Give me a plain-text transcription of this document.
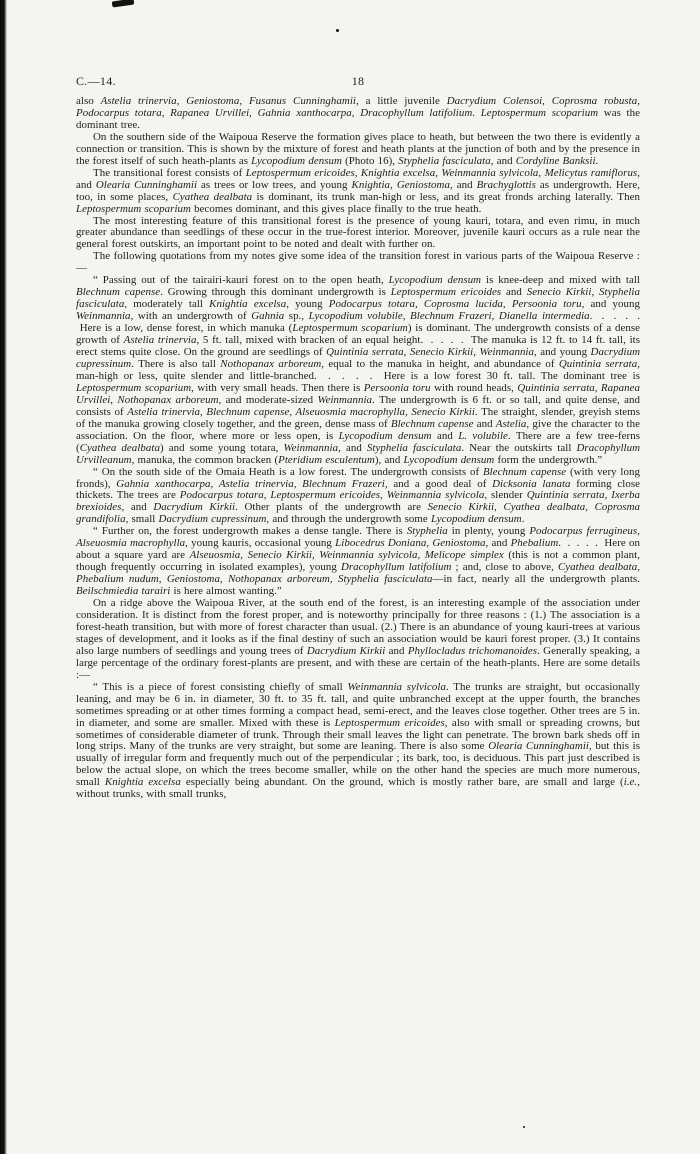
C.—14.	18

also Astelia trinervia, Geniostoma, Fusanus Cunninghamii, a little juvenile Dacrydium Colensoi, Coprosma robusta, Podocarpus totara, Rapanea Urvillei, Gahnia xanthocarpa, Dracophyllum latifolium. Leptospermum scoparium was the dominant tree.

On the southern side of the Waipoua Reserve the formation gives place to heath, but between the two there is evidently a connection or transition. This is shown by the mixture of forest and heath plants at the junction of both and by the presence in the forest itself of such heath-plants as Lycopodium densum (Photo 16), Styphelia fasciculata, and Cordyline Banksii.

The transitional forest consists of Leptospermum ericoides, Knightia excelsa, Weinmannia sylvicola, Melicytus ramiflorus, and Olearia Cunninghamii as trees or low trees, and young Knightia, Geniostoma, and Brachyglottis as undergrowth. Here, too, in some places, Cyathea dealbata is dominant, its trunk man-high or less, and its great fronds arching laterally. Then Leptospermum scoparium becomes dominant, and this gives place finally to the true heath.

The most interesting feature of this transitional forest is the presence of young kauri, totara, and even rimu, in much greater abundance than seedlings of these occur in the true-forest interior. Moreover, juvenile kauri occurs as a rule near the general forest outskirts, an important point to be noted and dealt with further on.

The following quotations from my notes give some idea of the transition forest in various parts of the Waipoua Reserve :—

“ Passing out of the tairairi-kauri forest on to the open heath, Lycopodium densum is knee-deep and mixed with tall Blechnum capense. Growing through this dominant undergrowth is Leptospermum ericoides and Senecio Kirkii, Styphelia fasciculata, moderately tall Knightia excelsa, young Podocarpus totara, Coprosma lucida, Persoonia toru, and young Weinmannia, with an undergrowth of Gahnia sp., Lycopodium volubile, Blechnum Frazeri, Dianella intermedia.  .  .  .  .  Here is a low, dense forest, in which manuka (Leptospermum scoparium) is dominant. The undergrowth consists of a dense growth of Astelia trinervia, 5 ft. tall, mixed with bracken of an equal height.  .  .  .  .  The manuka is 12 ft. to 14 ft. tall, its erect stems quite close. On the ground are seedlings of Quintinia serrata, Senecio Kirkii, Weinmannia, and young Dacrydium cupressinum. There is also tall Nothopanax arboreum, equal to the manuka in height, and abundance of Quintinia serrata, man-high or less, quite slender and little-branched.  .  .  .  .  Here is a low forest 30 ft. tall. The dominant tree is Leptospermum scoparium, with very small heads. Then there is Persoonia toru with round heads, Quintinia serrata, Rapanea Urvillei, Nothopanax arboreum, and moderate-sized Weinmannia. The undergrowth is 6 ft. or so tall, and quite dense, and consists of Astelia trinervia, Blechnum capense, Alseuosmia macrophylla, Senecio Kirkii. The straight, slender, greyish stems of the manuka growing closely together, and the green, dense mass of Blechnum capense and Astelia, give the character to the association. On the floor, where more or less open, is Lycopodium densum and L. volubile. There are a few tree-ferns (Cyathea dealbata) and some young totara, Weinmannia, and Styphelia fasciculata. Near the outskirts tall Dracophyllum Urvilleanum, manuka, the common bracken (Pteridium esculentum), and Lycopodium densum form the undergrowth.”

“ On the south side of the Omaia Heath is a low forest. The undergrowth consists of Blechnum capense (with very long fronds), Gahnia xanthocarpa, Astelia trinervia, Blechnum Frazeri, and a good deal of Dicksonia lanata forming close thickets. The trees are Podocarpus totara, Leptospermum ericoides, Weinmannia sylvicola, slender Quintinia serrata, Ixerba brexioides, and Dacrydium Kirkii. Other plants of the undergrowth are Senecio Kirkii, Cyathea dealbata, Coprosma grandifolia, small Dacrydium cupressinum, and through the undergrowth some Lycopodium densum.

“ Further on, the forest undergrowth makes a dense tangle. There is Styphelia in plenty, young Podocarpus ferrugineus, Alseuosmia macrophylla, young kauris, occasional young Libocedrus Doniana, Geniostoma, and Phebalium.  .  .  .  .  Here on about a square yard are Alseuosmia, Senecio Kirkii, Weinmannia sylvicola, Melicope simplex (this is not a common plant, though frequently occurring in isolated examples), young Dracophyllum latifolium ; and, close to above, Cyathea dealbata, Phebalium nudum, Geniostoma, Nothopanax arboreum, Styphelia fasciculata—in fact, nearly all the undergrowth plants. Beilschmiedia tarairi is here almost wanting.”

On a ridge above the Waipoua River, at the south end of the forest, is an interesting example of the association under consideration. It is distinct from the forest proper, and is noteworthy principally for three reasons : (1.) The association is a forest-heath transition, but with more of forest character than usual. (2.) There is an abundance of young kauri-trees at various stages of development, and it looks as if the final destiny of such an association would be kauri forest proper. (3.) It contains also large numbers of seedlings and young trees of Dacrydium Kirkii and Phyllocladus trichomanoides. Generally speaking, a large percentage of the ordinary forest-plants are present, and with these are certain of the heath-plants. Here are some details :—

“ This is a piece of forest consisting chiefly of small Weinmannia sylvicola. The trunks are straight, but occasionally leaning, and may be 6 in. in diameter, 30 ft. to 35 ft. tall, and quite unbranched except at the upper fourth, the branches sometimes spreading or at other times forming a compact head, semi-erect, and the leaves close together. Other trees are 5 in. in diameter, and some are smaller. Mixed with these is Leptospermum ericoides, also with small or spreading crowns, but sometimes of considerable diameter of trunk. Through their small leaves the light can penetrate. The brown bark sheds off in long strips. Many of the trunks are very straight, but some are leaning. There is also some Olearia Cunninghamii, but this is usually of irregular form and frequently much out of the perpendicular ; its bark, too, is deciduous. This part just described is below the actual slope, on which the trees become smaller, while on the other hand the species are much more numerous, small Knightia excelsa especially being abundant. On the ground, which is mostly rather bare, are small and large (i.e., without trunks, with small trunks,
